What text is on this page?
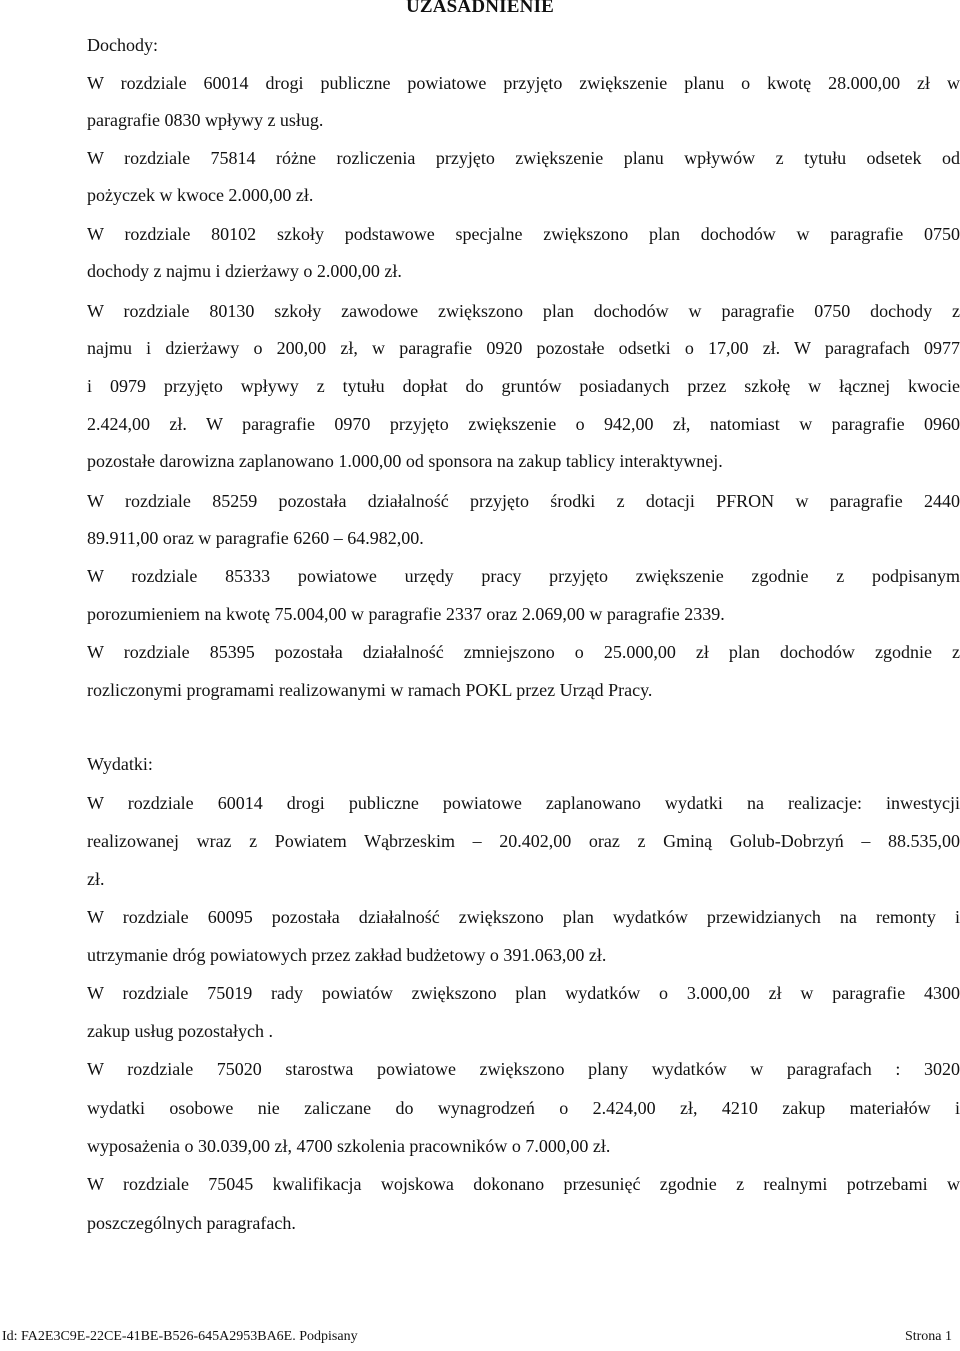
UZASADNIENIE
Dochody:
W rozdziale 60014 drogi publiczne powiatowe przyjęto zwiększenie planu o kwotę 28.000,00 zł w
paragrafie 0830 wpływy z usług.
W rozdziale 75814 różne rozliczenia przyjęto zwiększenie planu wpływów z tytułu odsetek od
pożyczek w kwoce 2.000,00 zł.
W rozdziale 80102 szkoły podstawowe specjalne zwiększono plan dochodów w paragrafie 0750
dochody z najmu i dzierżawy o 2.000,00 zł.
W rozdziale 80130 szkoły zawodowe zwiększono plan dochodów w paragrafie 0750 dochody z
najmu i dzierżawy o 200,00 zł, w paragrafie 0920 pozostałe odsetki o 17,00 zł. W paragrafach 0977
i 0979 przyjęto wpływy z tytułu dopłat do gruntów posiadanych przez szkołę w łącznej kwocie
2.424,00 zł. W paragrafie 0970 przyjęto zwiększenie o 942,00 zł, natomiast w paragrafie 0960
pozostałe darowizna zaplanowano 1.000,00 od sponsora na zakup tablicy interaktywnej.
W rozdziale 85259 pozostała działalność przyjęto środki z dotacji PFRON w paragrafie 2440
89.911,00 oraz w paragrafie 6260 – 64.982,00.
W rozdziale 85333 powiatowe urzędy pracy przyjęto zwiększenie zgodnie z podpisanym
porozumieniem na kwotę 75.004,00 w paragrafie 2337 oraz 2.069,00 w paragrafie 2339.
W rozdziale 85395 pozostała działalność zmniejszono o 25.000,00 zł plan dochodów zgodnie z
rozliczonymi programami realizowanymi w ramach POKL przez Urząd Pracy.
Wydatki:
W rozdziale 60014 drogi publiczne powiatowe zaplanowano wydatki na realizacje: inwestycji
realizowanej wraz z Powiatem Wąbrzeskim – 20.402,00 oraz z Gminą Golub-Dobrzyń – 88.535,00
zł.
W rozdziale 60095 pozostała działalność zwiększono plan wydatków przewidzianych na remonty i
utrzymanie dróg powiatowych przez zakład budżetowy o 391.063,00 zł.
W rozdziale 75019 rady powiatów zwiększono plan wydatków o 3.000,00 zł w paragrafie 4300
zakup usług pozostałych .
W rozdziale 75020 starostwa powiatowe zwiększono plany wydatków w paragrafach : 3020
wydatki osobowe nie zaliczane do wynagrodzeń o 2.424,00 zł, 4210 zakup materiałów i
wyposażenia o 30.039,00 zł, 4700 szkolenia pracowników o 7.000,00 zł.
W rozdziale 75045 kwalifikacja wojskowa dokonano przesunięć zgodnie z realnymi potrzebami w
poszczególnych paragrafach.
Id: FA2E3C9E-22CE-41BE-B526-645A2953BA6E. Podpisany	Strona 1
